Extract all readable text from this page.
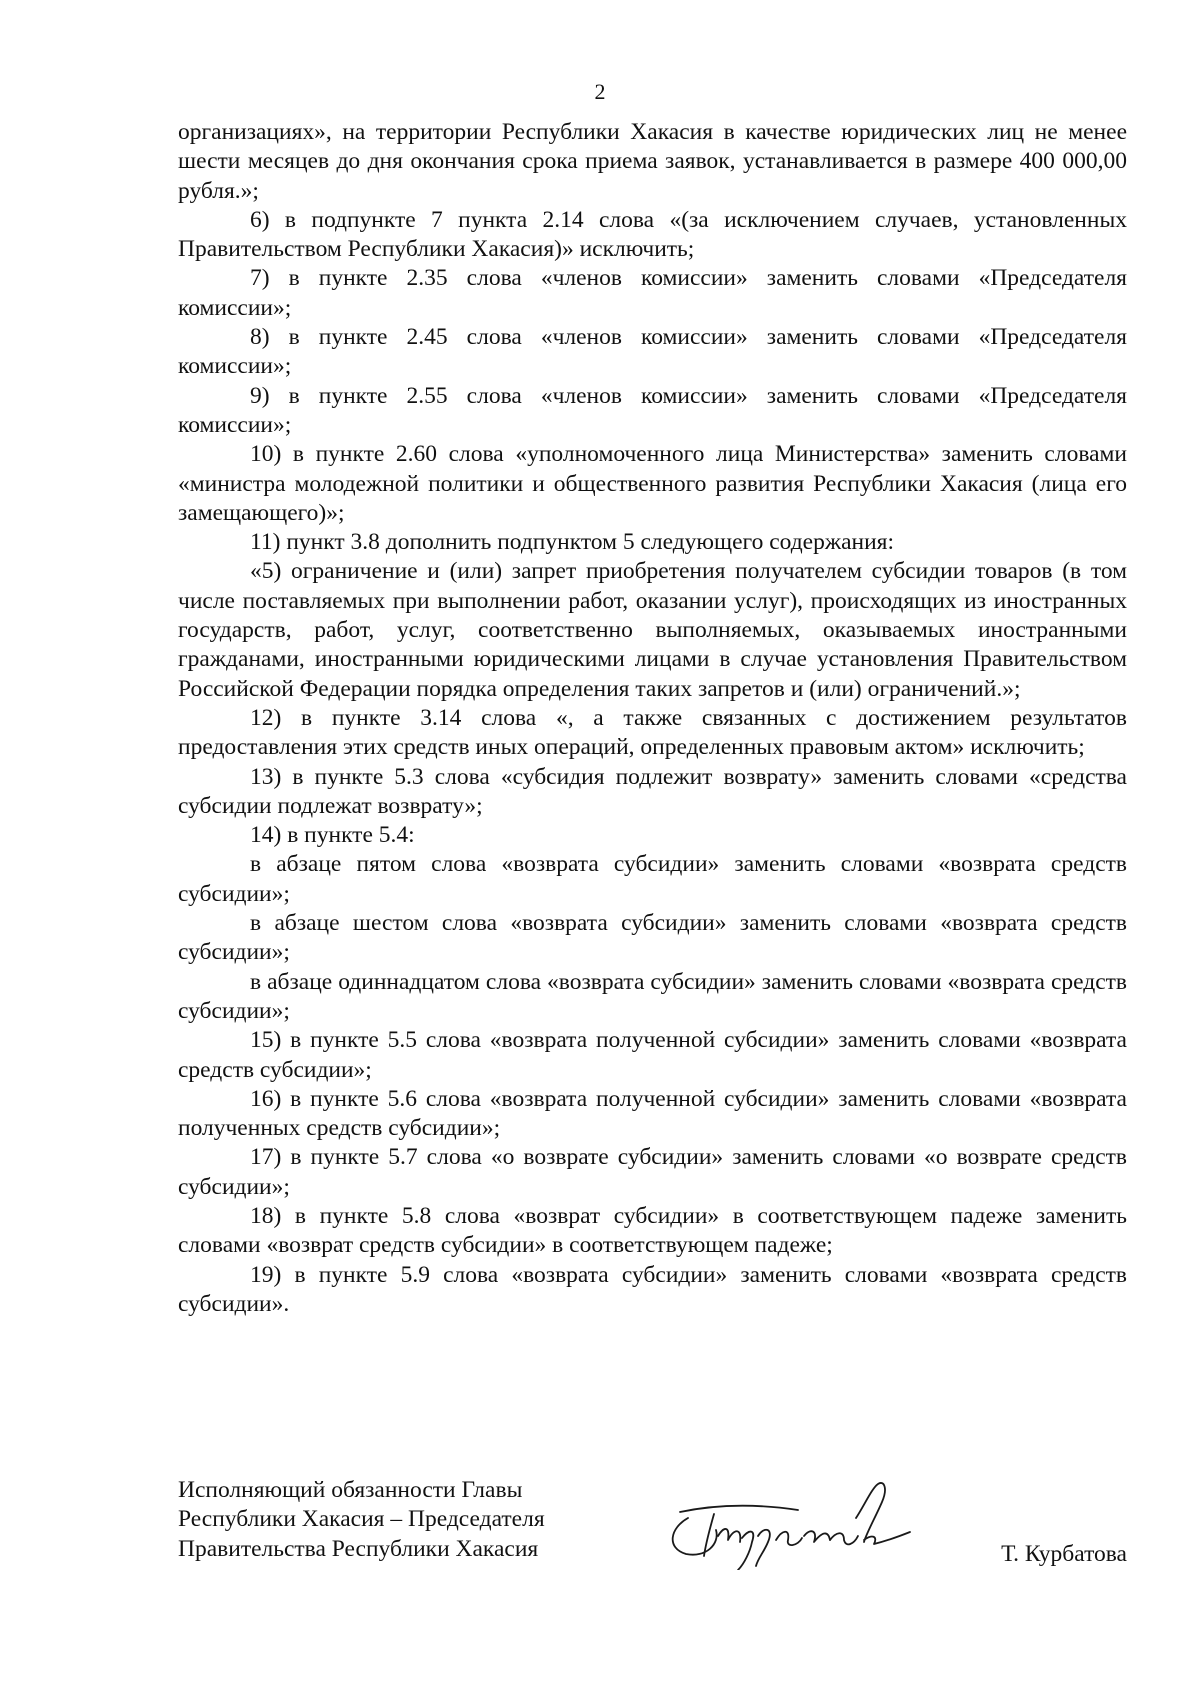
2

организациях», на территории Республики Хакасия в качестве юридических лиц не менее шести месяцев до дня окончания срока приема заявок, устанавливается в размере 400 000,00 рубля.»;

6) в подпункте 7 пункта 2.14 слова «(за исключением случаев, установленных Правительством Республики Хакасия)» исключить;

7) в пункте 2.35 слова «членов комиссии» заменить словами «Председателя комиссии»;

8) в пункте 2.45 слова «членов комиссии» заменить словами «Председателя комиссии»;

9) в пункте 2.55 слова «членов комиссии» заменить словами «Председателя комиссии»;

10) в пункте 2.60 слова «уполномоченного лица Министерства» заменить словами «министра молодежной политики и общественного развития Республики Хакасия (лица его замещающего)»;

11) пункт 3.8 дополнить подпунктом 5 следующего содержания:

«5) ограничение и (или) запрет приобретения получателем субсидии товаров (в том числе поставляемых при выполнении работ, оказании услуг), происходящих из иностранных государств, работ, услуг, соответственно выполняемых, оказываемых иностранными гражданами, иностранными юридическими лицами в случае установления Правительством Российской Федерации порядка определения таких запретов и (или) ограничений.»;

12) в пункте 3.14 слова «, а также связанных с достижением результатов предоставления этих средств иных операций, определенных правовым актом» исключить;

13) в пункте 5.3 слова «субсидия подлежит возврату» заменить словами «средства субсидии подлежат возврату»;

14) в пункте 5.4:

в абзаце пятом слова «возврата субсидии» заменить словами «возврата средств субсидии»;

в абзаце шестом слова «возврата субсидии» заменить словами «возврата средств субсидии»;

в абзаце одиннадцатом слова «возврата субсидии» заменить словами «возврата средств субсидии»;

15) в пункте 5.5 слова «возврата полученной субсидии» заменить словами «возврата средств субсидии»;

16) в пункте 5.6 слова «возврата полученной субсидии» заменить словами «возврата полученных средств субсидии»;

17) в пункте 5.7 слова «о возврате субсидии» заменить словами «о возврате средств субсидии»;

18) в пункте 5.8 слова «возврат субсидии» в соответствующем падеже заменить словами «возврат средств субсидии» в соответствующем падеже;

19) в пункте 5.9 слова «возврата субсидии» заменить словами «возврата средств субсидии».

Исполняющий обязанности Главы
Республики Хакасия – Председателя
Правительства Республики Хакасия	Т. Курбатова
